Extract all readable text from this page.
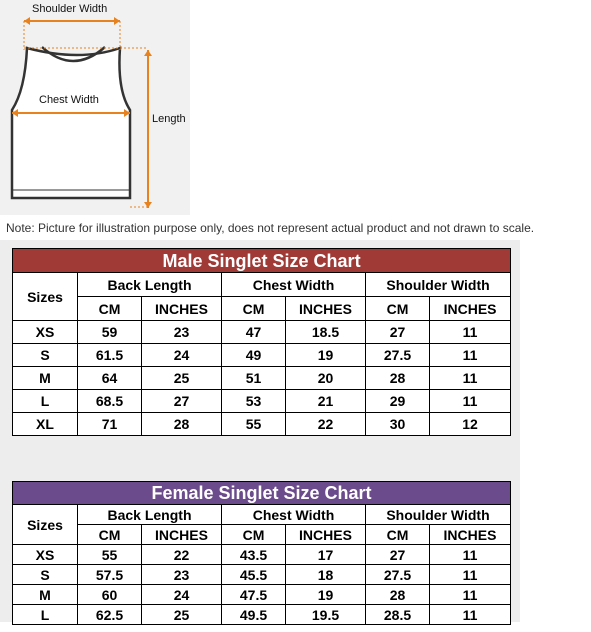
Shoulder Width
Chest Width
Length
Note: Picture for illustration purpose only, does not represent actual product and not drawn to scale.
Male Singlet Size Chart						
Sizes	Back Length		Chest Width		Shoulder Width	
	CM	INCHES	CM	INCHES	CM	INCHES
XS	59	23	47	18.5	27	11
S	61.5	24	49	19	27.5	11
M	64	25	51	20	28	11
L	68.5	27	53	21	29	11
XL	71	28	55	22	30	12
Female Singlet Size Chart						
Sizes	Back Length		Chest Width		Shoulder Width	
	CM	INCHES	CM	INCHES	CM	INCHES
XS	55	22	43.5	17	27	11
S	57.5	23	45.5	18	27.5	11
M	60	24	47.5	19	28	11
L	62.5	25	49.5	19.5	28.5	11
